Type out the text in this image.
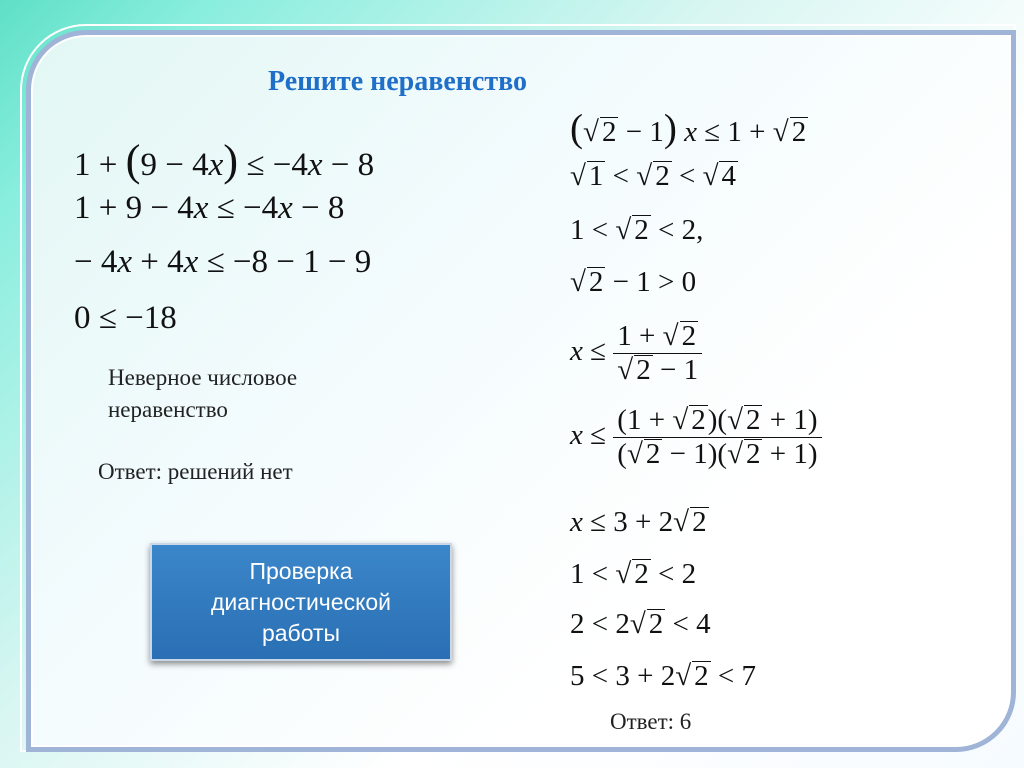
Решите неравенство
1 + (9 − 4x) ≤ −4x − 8
1 + 9 − 4x ≤ −4x − 8
− 4x + 4x ≤ −8 − 1 − 9
0 ≤ −18
Неверное числовое
неравенство
Ответ: решений нет
Проверка
диагностической
работы
(√ 2 − 1) x ≤ 1 + √ 2
√ 1 < √ 2 < √ 4
1 < √ 2 < 2,
√ 2 − 1 > 0
$x \le \frac{1 + √ 2}{√ 2 - 1}$
$x \le \frac{(1 + √ 2)(√ 2 + 1)}{(√ 2 - 1)(√ 2 + 1)}$
x ≤ 3 + 2√ 2
1 < √ 2 < 2
2 < 2√ 2 < 4
5 < 3 + 2√ 2 < 7
Ответ: 6
